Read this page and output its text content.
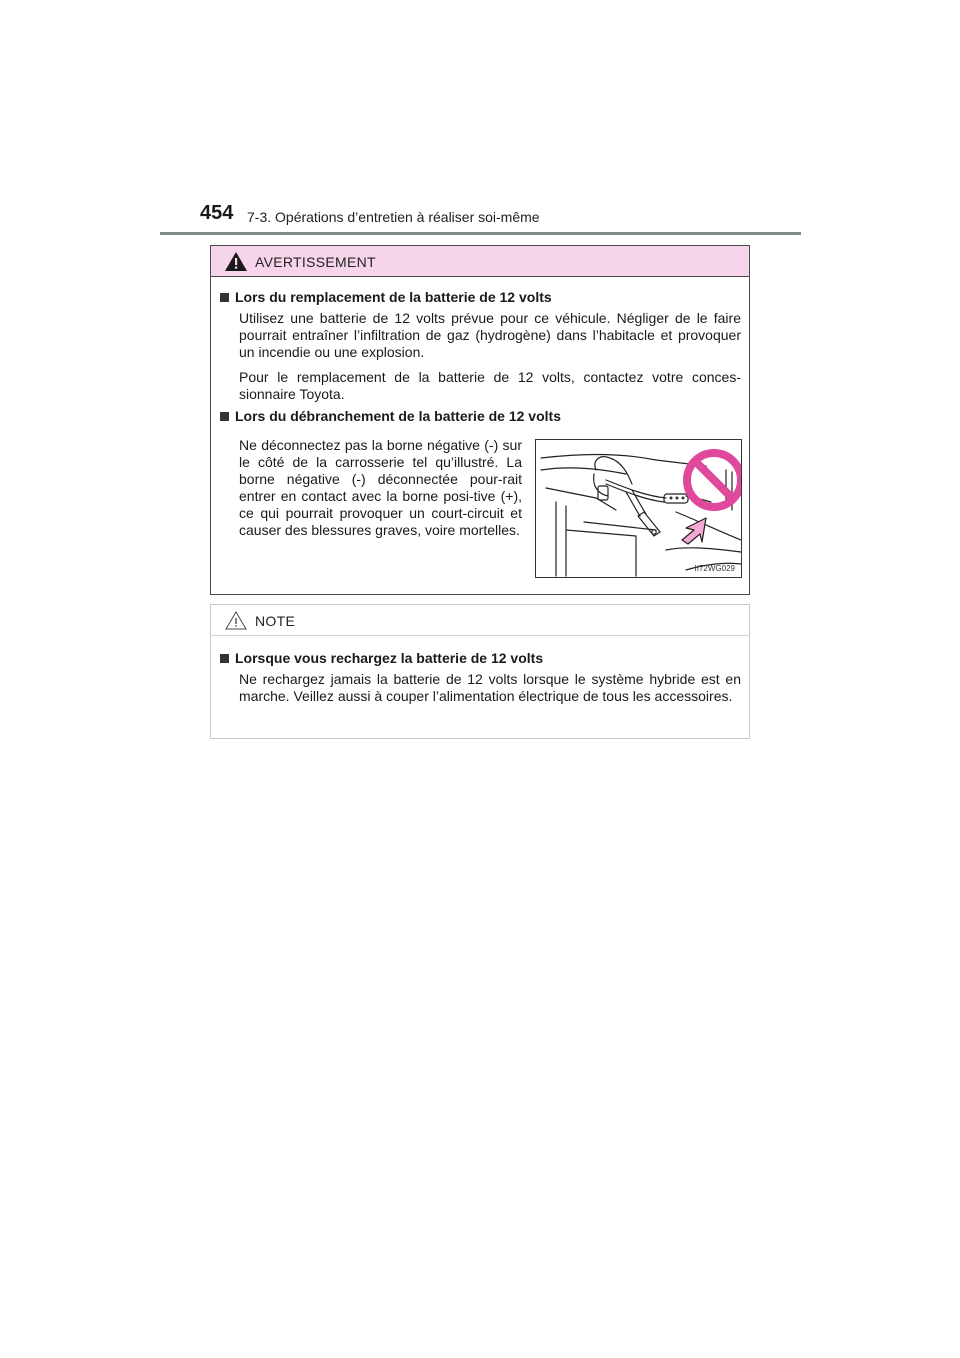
454 7-3. Opérations d’entretien à réaliser soi-même
AVERTISSEMENT
Lors du remplacement de la batterie de 12 volts

Utilisez une batterie de 12 volts prévue pour ce véhicule. Négliger de le faire pourrait entraîner l’infiltration de gaz (hydrogène) dans l’habitacle et provoquer un incendie ou une explosion.

Pour le remplacement de la batterie de 12 volts, contactez votre conces-sionnaire Toyota.

Lors du débranchement de la batterie de 12 volts
Ne déconnectez pas la borne négative (-) sur le côté de la carrosserie tel qu’illustré. La borne négative (-) déconnectée pour-rait entrer en contact avec la borne posi-tive (+), ce qui pourrait provoquer un court-circuit et causer des blessures graves, voire mortelles.
II72WG029
NOTE
Lorsque vous rechargez la batterie de 12 volts

Ne rechargez jamais la batterie de 12 volts lorsque le système hybride est en marche. Veillez aussi à couper l’alimentation électrique de tous les accessoires.
